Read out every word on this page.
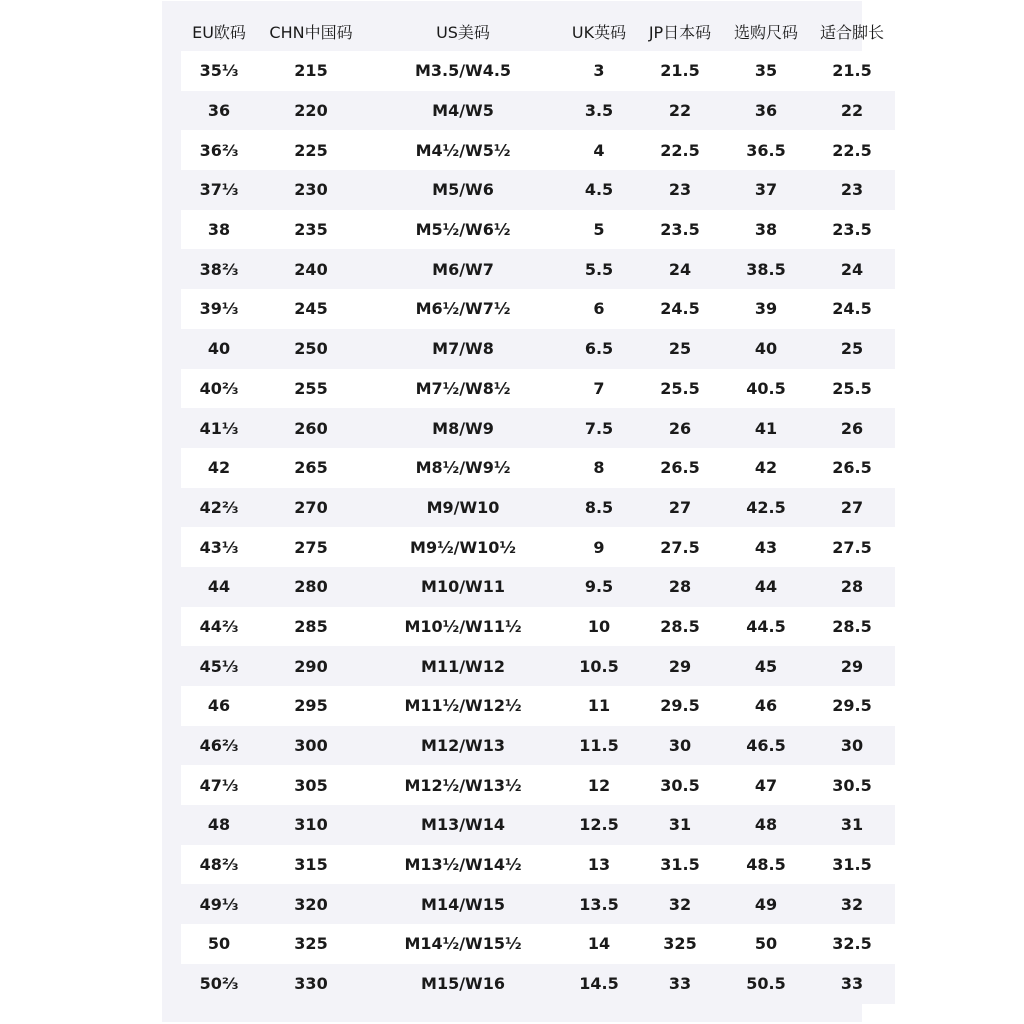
EU欧码	CHN中国码	US美码	UK英码	JP日本码	选购尺码	适合脚长
35⅓	215	M3.5/W4.5	3	21.5	35	21.5
36	220	M4/W5	3.5	22	36	22
36⅔	225	M4½/W5½	4	22.5	36.5	22.5
37⅓	230	M5/W6	4.5	23	37	23
38	235	M5½/W6½	5	23.5	38	23.5
38⅔	240	M6/W7	5.5	24	38.5	24
39⅓	245	M6½/W7½	6	24.5	39	24.5
40	250	M7/W8	6.5	25	40	25
40⅔	255	M7½/W8½	7	25.5	40.5	25.5
41⅓	260	M8/W9	7.5	26	41	26
42	265	M8½/W9½	8	26.5	42	26.5
42⅔	270	M9/W10	8.5	27	42.5	27
43⅓	275	M9½/W10½	9	27.5	43	27.5
44	280	M10/W11	9.5	28	44	28
44⅔	285	M10½/W11½	10	28.5	44.5	28.5
45⅓	290	M11/W12	10.5	29	45	29
46	295	M11½/W12½	11	29.5	46	29.5
46⅔	300	M12/W13	11.5	30	46.5	30
47⅓	305	M12½/W13½	12	30.5	47	30.5
48	310	M13/W14	12.5	31	48	31
48⅔	315	M13½/W14½	13	31.5	48.5	31.5
49⅓	320	M14/W15	13.5	32	49	32
50	325	M14½/W15½	14	325	50	32.5
50⅔	330	M15/W16	14.5	33	50.5	33
